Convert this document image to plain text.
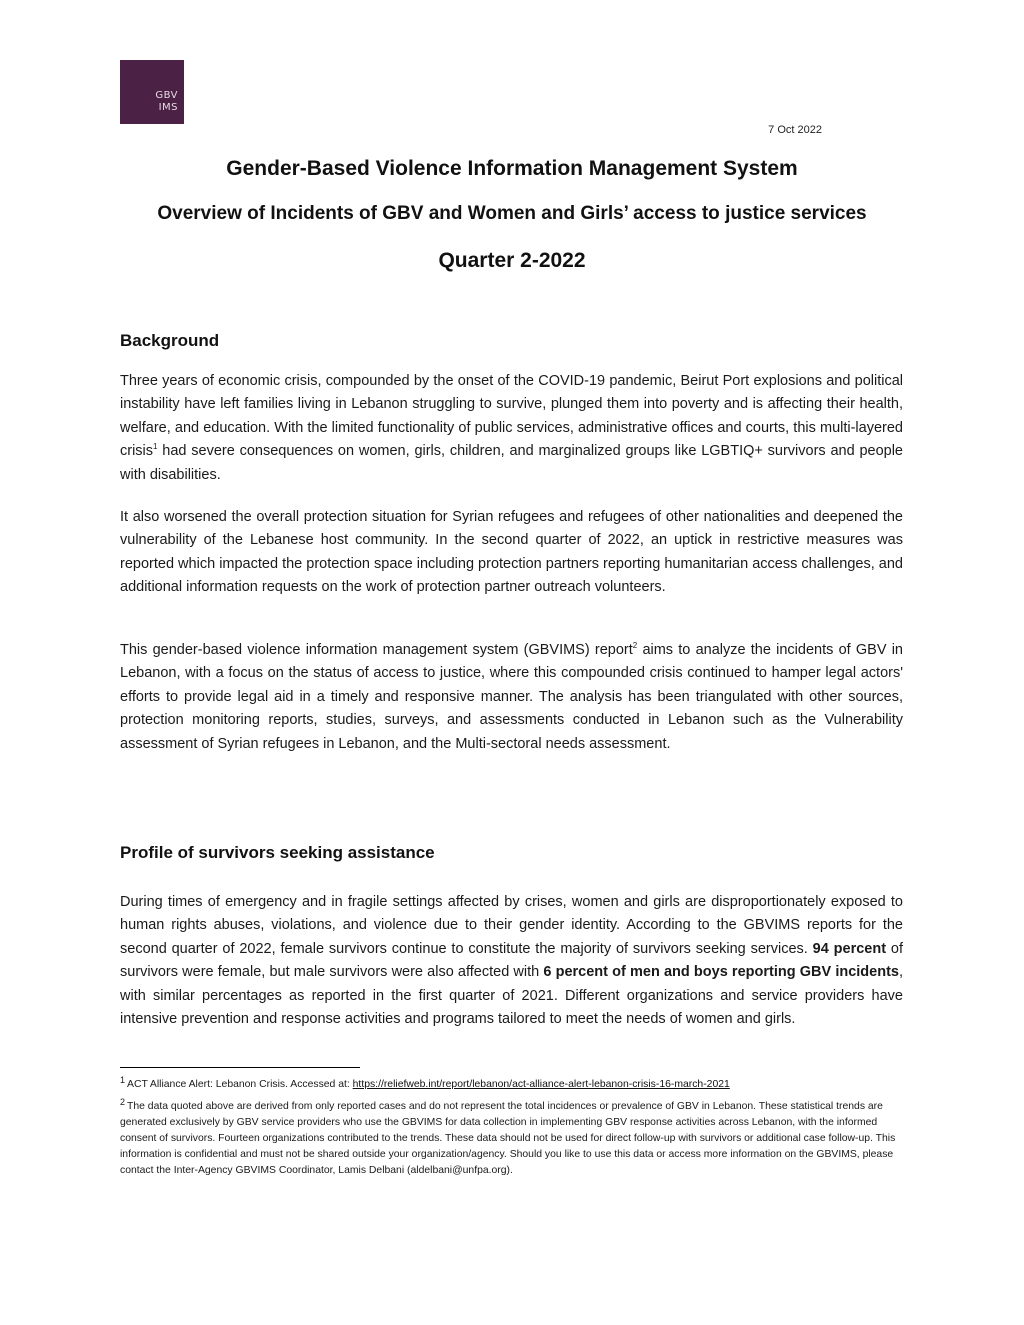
GBV
IMS
7 Oct 2022
Gender-Based Violence Information Management System
Overview of Incidents of GBV and Women and Girls’ access to justice services
Quarter 2-2022
Background

Three years of economic crisis, compounded by the onset of the COVID-19 pandemic, Beirut Port explosions and political instability have left families living in Lebanon struggling to survive, plunged them into poverty and is affecting their health, welfare, and education. With the limited functionality of public services, administrative offices and courts, this multi-layered crisis$^1$ had severe consequences on women, girls, children, and marginalized groups like LGBTIQ+ survivors and people with disabilities.

It also worsened the overall protection situation for Syrian refugees and refugees of other nationalities and deepened the vulnerability of the Lebanese host community. In the second quarter of 2022, an uptick in restrictive measures was reported which impacted the protection space including protection partners reporting humanitarian access challenges, and additional information requests on the work of protection partner outreach volunteers.

This gender-based violence information management system (GBVIMS) report$^2$ aims to analyze the incidents of GBV in Lebanon, with a focus on the status of access to justice, where this compounded crisis continued to hamper legal actors' efforts to provide legal aid in a timely and responsive manner. The analysis has been triangulated with other sources, protection monitoring reports, studies, surveys, and assessments conducted in Lebanon such as the Vulnerability assessment of Syrian refugees in Lebanon, and the Multi-sectoral needs assessment.

Profile of survivors seeking assistance

During times of emergency and in fragile settings affected by crises, women and girls are disproportionately exposed to human rights abuses, violations, and violence due to their gender identity. According to the GBVIMS reports for the second quarter of 2022, female survivors continue to constitute the majority of survivors seeking services. 94 percent of survivors were female, but male survivors were also affected with 6 percent of men and boys reporting GBV incidents, with similar percentages as reported in the first quarter of 2021. Different organizations and service providers have intensive prevention and response activities and programs tailored to meet the needs of women and girls.

1 ACT Alliance Alert: Lebanon Crisis. Accessed at: https://reliefweb.int/report/lebanon/act-alliance-alert-lebanon-crisis-16-march-2021

2 The data quoted above are derived from only reported cases and do not represent the total incidences or prevalence of GBV in Lebanon. These statistical trends are generated exclusively by GBV service providers who use the GBVIMS for data collection in implementing GBV response activities across Lebanon, with the informed consent of survivors. Fourteen organizations contributed to the trends. These data should not be used for direct follow-up with survivors or additional case follow-up. This information is confidential and must not be shared outside your organization/agency. Should you like to use this data or access more information on the GBVIMS, please contact the Inter-Agency GBVIMS Coordinator, Lamis Delbani (aldelbani@unfpa.org).
